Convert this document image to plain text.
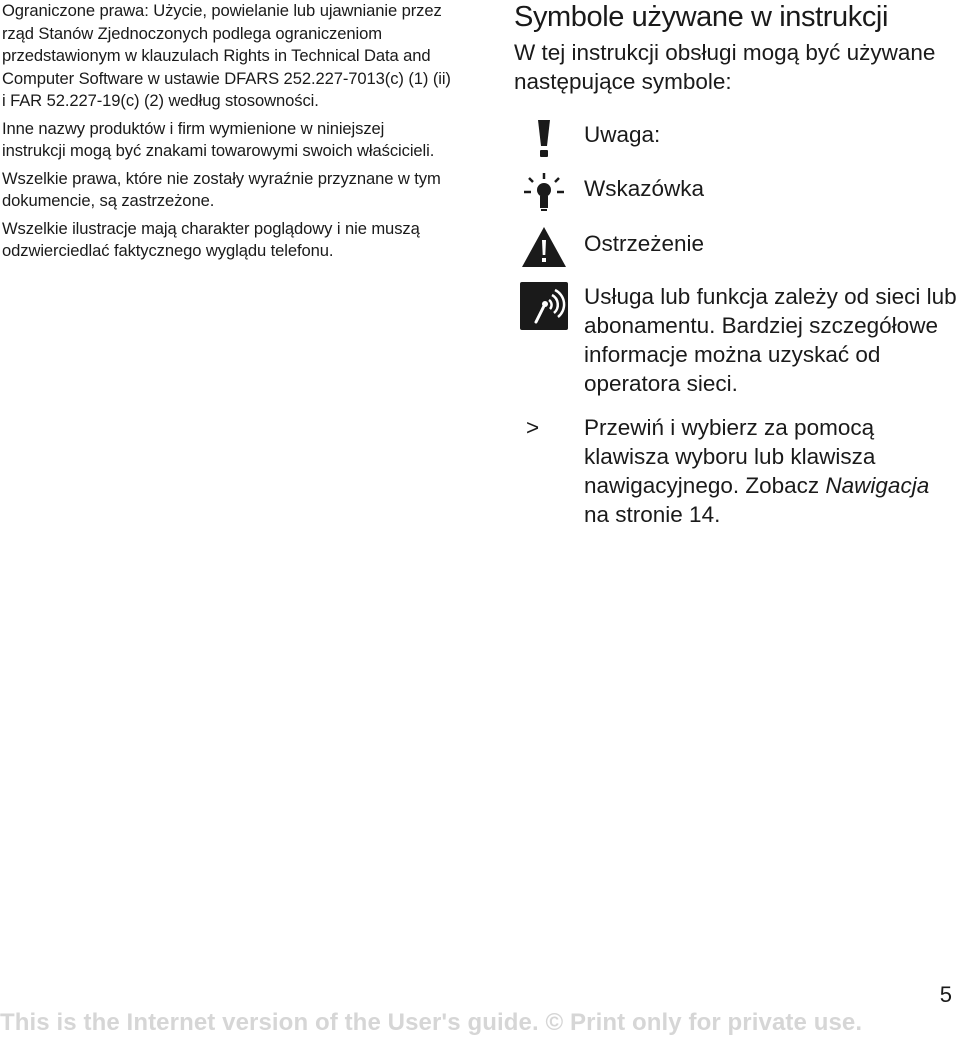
Ograniczone prawa: Użycie, powielanie lub ujawnianie przez rząd Stanów Zjednoczonych podlega ograniczeniom przedstawionym w klauzulach Rights in Technical Data and Computer Software w ustawie DFARS 252.227-7013(c) (1) (ii) i FAR 52.227-19(c) (2) według stosowności.

Inne nazwy produktów i firm wymienione w niniejszej instrukcji mogą być znakami towarowymi swoich właścicieli.

Wszelkie prawa, które nie zostały wyraźnie przyznane w tym dokumencie, są zastrzeżone.

Wszelkie ilustracje mają charakter poglądowy i nie muszą odzwierciedlać faktycznego wyglądu telefonu.

Symbole używane w instrukcji

W tej instrukcji obsługi mogą być używane następujące symbole:

Uwaga:
Wskazówka
Ostrzeżenie
Usługa lub funkcja zależy od sieci lub abonamentu. Bardziej szczegółowe informacje można uzyskać od operatora sieci.
> Przewiń i wybierz za pomocą klawisza wyboru lub klawisza nawigacyjnego. Zobacz Nawigacja na stronie 14.
5
This is the Internet version of the User's guide. © Print only for private use.
